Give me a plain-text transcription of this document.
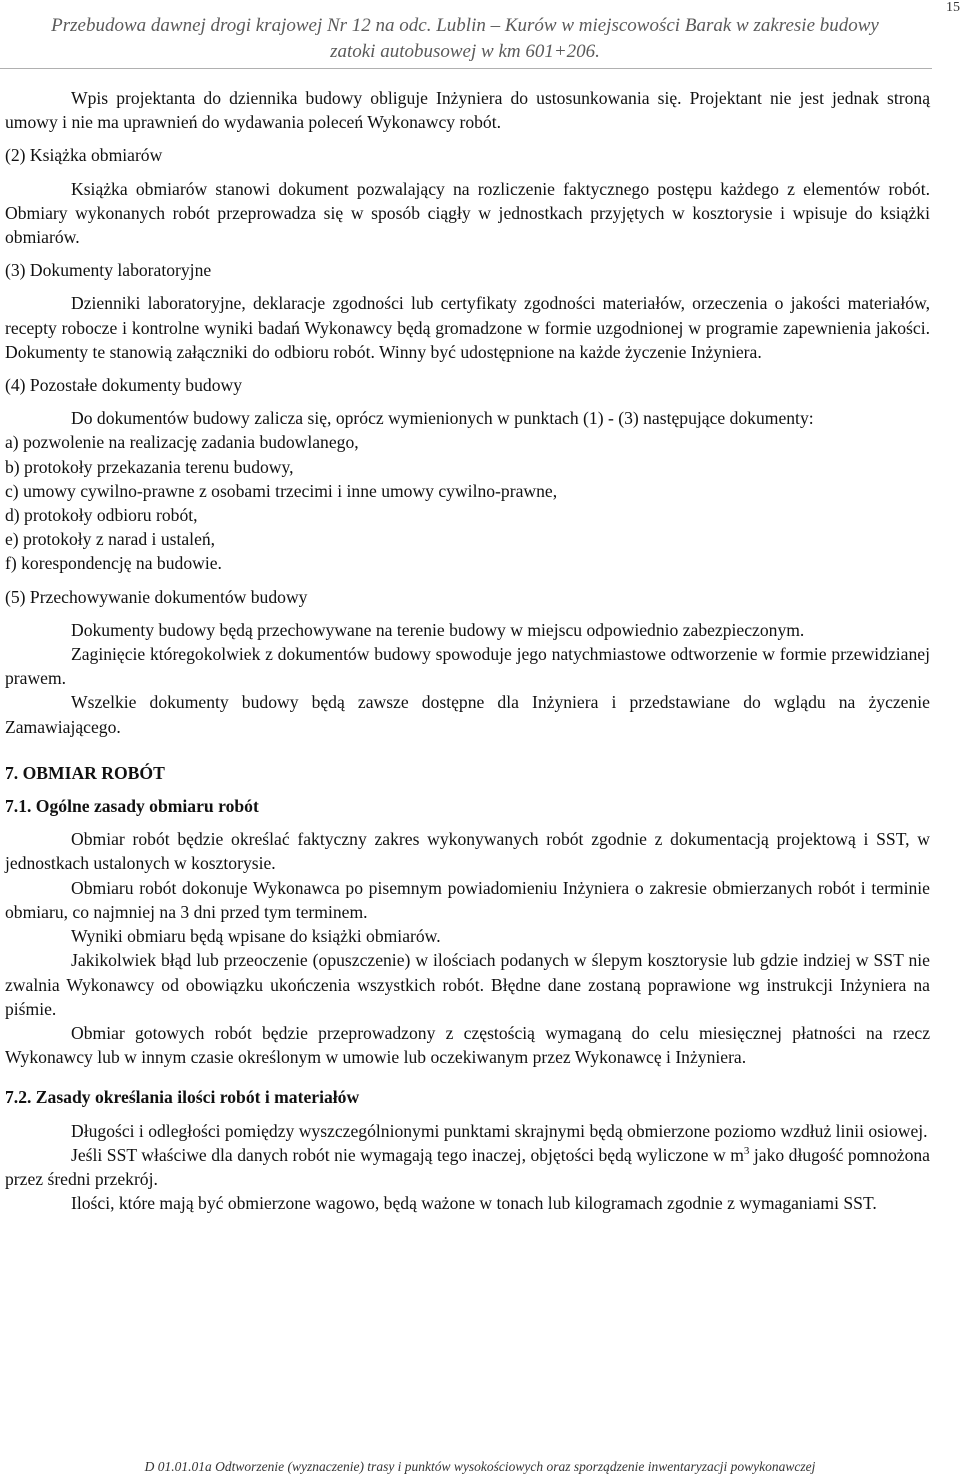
Przebudowa dawnej drogi krajowej Nr 12 na odc. Lublin – Kurów w miejscowości Barak w zakresie budowy
zatoki autobusowej w km 601+206.
15

Wpis projektanta do dziennika budowy obliguje Inżyniera do ustosunkowania się. Projektant nie jest jednak stroną umowy i nie ma uprawnień do wydawania poleceń Wykonawcy robót.

(2) Książka obmiarów

Książka obmiarów stanowi dokument pozwalający na rozliczenie faktycznego postępu każdego z elementów robót. Obmiary wykonanych robót przeprowadza się w sposób ciągły w jednostkach przyjętych w kosztorysie i wpisuje do książki obmiarów.

(3) Dokumenty laboratoryjne

Dzienniki laboratoryjne, deklaracje zgodności lub certyfikaty zgodności materiałów, orzeczenia o jakości materiałów, recepty robocze i kontrolne wyniki badań Wykonawcy będą gromadzone w formie uzgodnionej w programie zapewnienia jakości. Dokumenty te stanowią załączniki do odbioru robót. Winny być udostępnione na każde życzenie Inżyniera.

(4) Pozostałe dokumenty budowy

Do dokumentów budowy zalicza się, oprócz wymienionych w punktach (1) - (3) następujące dokumenty:

a) pozwolenie na realizację zadania budowlanego,

b) protokoły przekazania terenu budowy,

c) umowy cywilno-prawne z osobami trzecimi i inne umowy cywilno-prawne,

d) protokoły odbioru robót,

e) protokoły z narad i ustaleń,

f) korespondencję na budowie.

(5) Przechowywanie dokumentów budowy

Dokumenty budowy będą przechowywane na terenie budowy w miejscu odpowiednio zabezpieczonym.

Zaginięcie któregokolwiek z dokumentów budowy spowoduje jego natychmiastowe odtworzenie w formie przewidzianej prawem.

Wszelkie dokumenty budowy będą zawsze dostępne dla Inżyniera i przedstawiane do wglądu na życzenie Zamawiającego.

7. OBMIAR ROBÓT

7.1. Ogólne zasady obmiaru robót

Obmiar robót będzie określać faktyczny zakres wykonywanych robót zgodnie z dokumentacją projektową i SST, w jednostkach ustalonych w kosztorysie.

Obmiaru robót dokonuje Wykonawca po pisemnym powiadomieniu Inżyniera o zakresie obmierzanych robót i terminie obmiaru, co najmniej na 3 dni przed tym terminem.

Wyniki obmiaru będą wpisane do książki obmiarów.

Jakikolwiek błąd lub przeoczenie (opuszczenie) w ilościach podanych w ślepym kosztorysie lub gdzie indziej w SST nie zwalnia Wykonawcy od obowiązku ukończenia wszystkich robót. Błędne dane zostaną poprawione wg instrukcji Inżyniera na piśmie.

Obmiar gotowych robót będzie przeprowadzony z częstością wymaganą do celu miesięcznej płatności na rzecz Wykonawcy lub w innym czasie określonym w umowie lub oczekiwanym przez Wykonawcę i Inżyniera.

7.2. Zasady określania ilości robót i materiałów

Długości i odległości pomiędzy wyszczególnionymi punktami skrajnymi będą obmierzone poziomo wzdłuż linii osiowej.

Jeśli SST właściwe dla danych robót nie wymagają tego inaczej, objętości będą wyliczone w $m^3$ jako długość pomnożona przez średni przekrój.

Ilości, które mają być obmierzone wagowo, będą ważone w tonach lub kilogramach zgodnie z wymaganiami SST.

D 01.01.01a Odtworzenie (wyznaczenie) trasy i punktów wysokościowych oraz sporządzenie inwentaryzacji powykonawczej
